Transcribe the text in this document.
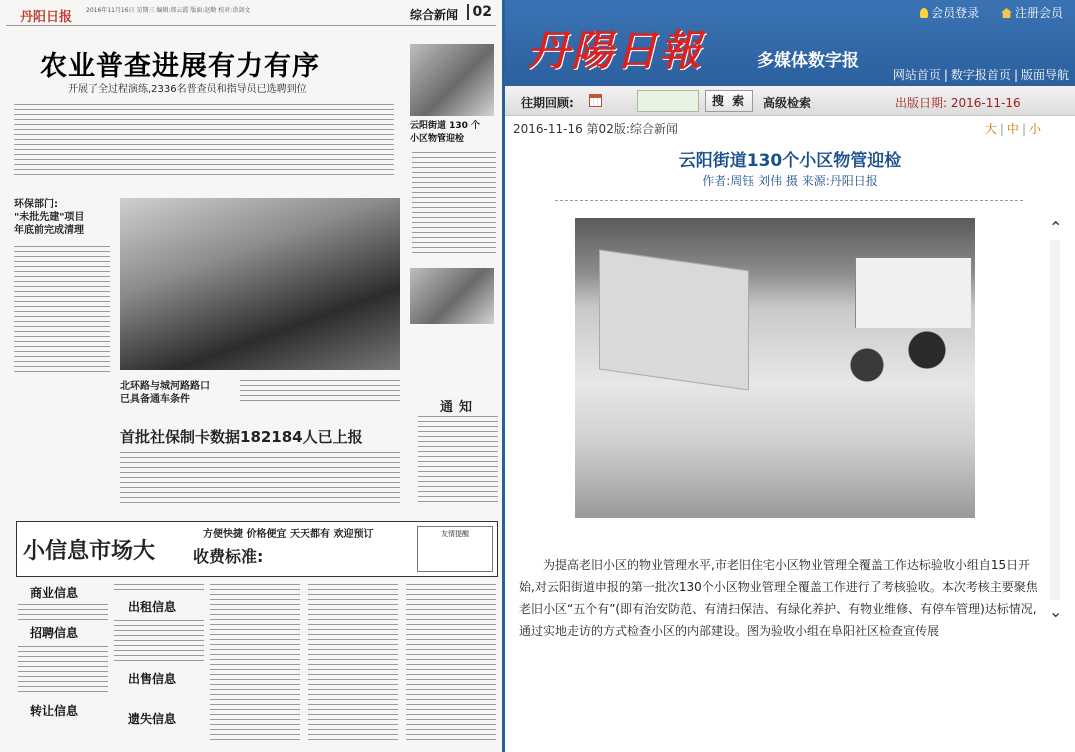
丹阳日报 2016年11月16日 星期三 编辑:邢云霞 版面:赵勤 校对:涂剑文	综合新闻	02
农业普查进展有力有序
开展了全过程演练,2336名普查员和指导员已选聘到位
云阳街道 130 个
小区物管迎检
环保部门:
"未批先建"项目
年底前完成清理
北环路与城河路路口
已具备通车条件
通知
首批社保制卡数据182184人已上报
小信息市场大
方便快捷 价格便宜 天天都有 欢迎预订
收费标准:
友情提醒
商业信息
招聘信息
转让信息
出租信息
出售信息
遗失信息
丹陽日報	多媒体数字报
会员登录	注册会员
网站首页 | 数字报首页 | 版面导航
往期回顾:	搜 索	高级检索	出版日期: 2016-11-16
2016-11-16 第02版:综合新闻	大 | 中 | 小
云阳街道130个小区物管迎检
作者:周钰 刘伟 摄 来源:丹阳日报
⌃
⌄

为提高老旧小区的物业管理水平,市老旧住宅小区物业管理全覆盖工作达标验收小组自15日开始,对云阳街道申报的第一批次130个小区物业管理全覆盖工作进行了考核验收。本次考核主要聚焦老旧小区“五个有”(即有治安防范、有清扫保洁、有绿化养护、有物业维修、有停车管理)达标情况,通过实地走访的方式检查小区的内部建设。图为验收小组在阜阳社区检查宣传展
